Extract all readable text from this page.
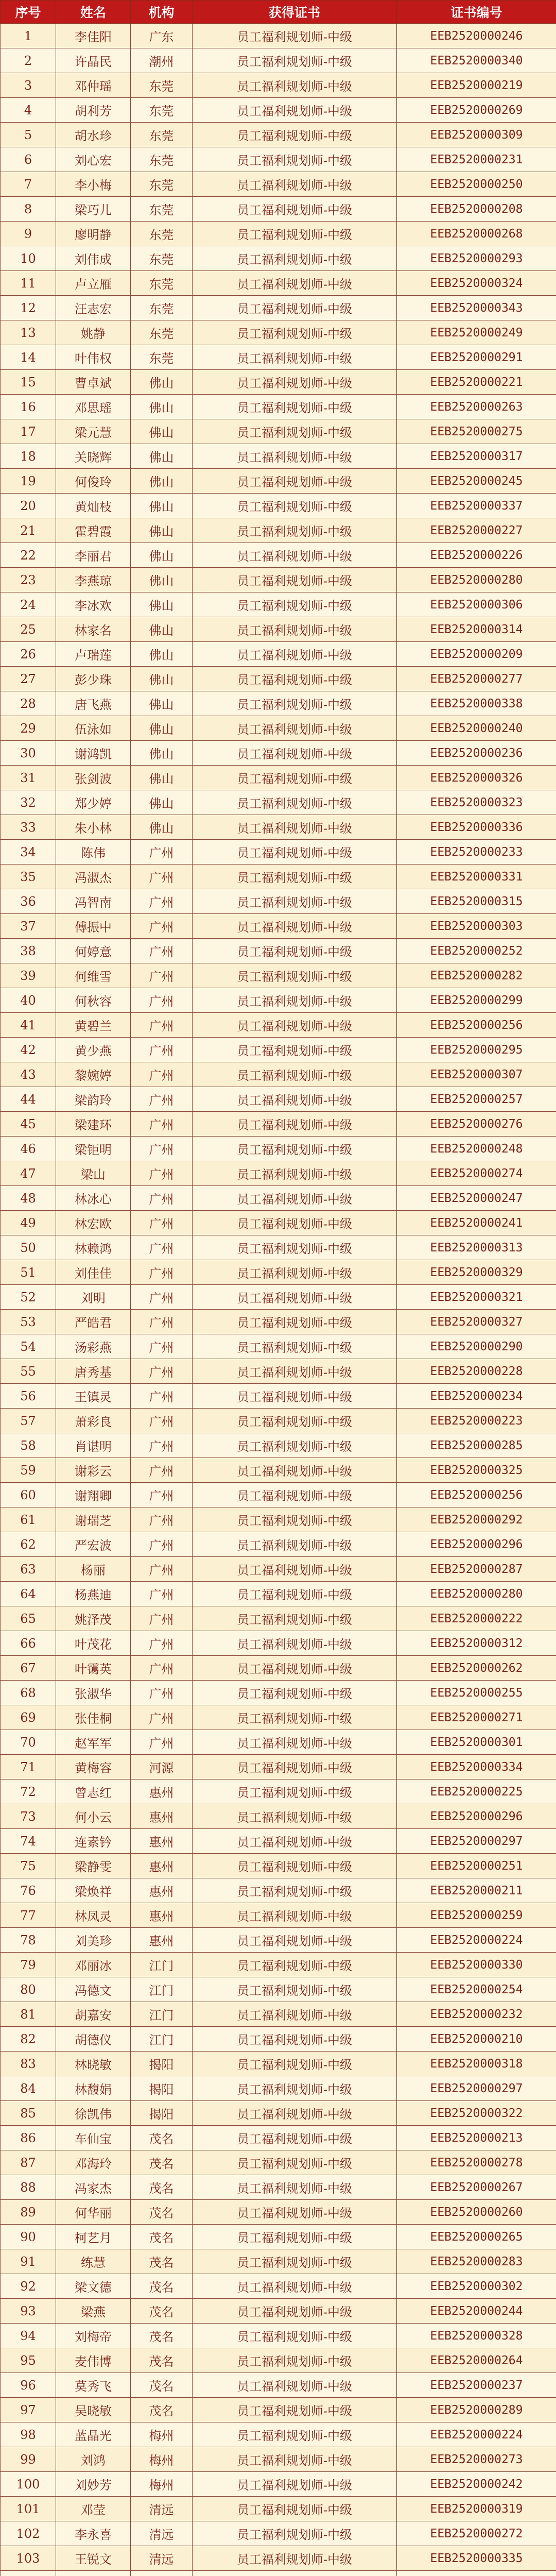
序号	姓名	机构	获得证书	证书编号
1	李佳阳	广东	员工福利规划师-中级	EEB2520000246
2	许晶民	潮州	员工福利规划师-中级	EEB2520000340
3	邓仲瑶	东莞	员工福利规划师-中级	EEB2520000219
4	胡利芳	东莞	员工福利规划师-中级	EEB2520000269
5	胡水珍	东莞	员工福利规划师-中级	EEB2520000309
6	刘心宏	东莞	员工福利规划师-中级	EEB2520000231
7	李小梅	东莞	员工福利规划师-中级	EEB2520000250
8	梁巧儿	东莞	员工福利规划师-中级	EEB2520000208
9	廖明静	东莞	员工福利规划师-中级	EEB2520000268
10	刘伟成	东莞	员工福利规划师-中级	EEB2520000293
11	卢立雁	东莞	员工福利规划师-中级	EEB2520000324
12	汪志宏	东莞	员工福利规划师-中级	EEB2520000343
13	姚静	东莞	员工福利规划师-中级	EEB2520000249
14	叶伟权	东莞	员工福利规划师-中级	EEB2520000291
15	曹卓斌	佛山	员工福利规划师-中级	EEB2520000221
16	邓思瑶	佛山	员工福利规划师-中级	EEB2520000263
17	梁元慧	佛山	员工福利规划师-中级	EEB2520000275
18	关晓辉	佛山	员工福利规划师-中级	EEB2520000317
19	何俊玲	佛山	员工福利规划师-中级	EEB2520000245
20	黄灿枝	佛山	员工福利规划师-中级	EEB2520000337
21	霍碧霞	佛山	员工福利规划师-中级	EEB2520000227
22	李丽君	佛山	员工福利规划师-中级	EEB2520000226
23	李燕琼	佛山	员工福利规划师-中级	EEB2520000280
24	李冰欢	佛山	员工福利规划师-中级	EEB2520000306
25	林家名	佛山	员工福利规划师-中级	EEB2520000314
26	卢瑞莲	佛山	员工福利规划师-中级	EEB2520000209
27	彭少珠	佛山	员工福利规划师-中级	EEB2520000277
28	唐飞燕	佛山	员工福利规划师-中级	EEB2520000338
29	伍泳如	佛山	员工福利规划师-中级	EEB2520000240
30	谢鸿凯	佛山	员工福利规划师-中级	EEB2520000236
31	张剑波	佛山	员工福利规划师-中级	EEB2520000326
32	郑少婷	佛山	员工福利规划师-中级	EEB2520000323
33	朱小林	佛山	员工福利规划师-中级	EEB2520000336
34	陈伟	广州	员工福利规划师-中级	EEB2520000233
35	冯淑杰	广州	员工福利规划师-中级	EEB2520000331
36	冯智南	广州	员工福利规划师-中级	EEB2520000315
37	傅振中	广州	员工福利规划师-中级	EEB2520000303
38	何婷意	广州	员工福利规划师-中级	EEB2520000252
39	何维雪	广州	员工福利规划师-中级	EEB2520000282
40	何秋容	广州	员工福利规划师-中级	EEB2520000299
41	黄碧兰	广州	员工福利规划师-中级	EEB2520000256
42	黄少燕	广州	员工福利规划师-中级	EEB2520000295
43	黎婉婷	广州	员工福利规划师-中级	EEB2520000307
44	梁韵玲	广州	员工福利规划师-中级	EEB2520000257
45	梁建环	广州	员工福利规划师-中级	EEB2520000276
46	梁钜明	广州	员工福利规划师-中级	EEB2520000248
47	梁山	广州	员工福利规划师-中级	EEB2520000274
48	林冰心	广州	员工福利规划师-中级	EEB2520000247
49	林宏欧	广州	员工福利规划师-中级	EEB2520000241
50	林赖鸿	广州	员工福利规划师-中级	EEB2520000313
51	刘佳佳	广州	员工福利规划师-中级	EEB2520000329
52	刘明	广州	员工福利规划师-中级	EEB2520000321
53	严皓君	广州	员工福利规划师-中级	EEB2520000327
54	汤彩燕	广州	员工福利规划师-中级	EEB2520000290
55	唐秀基	广州	员工福利规划师-中级	EEB2520000228
56	王镇灵	广州	员工福利规划师-中级	EEB2520000234
57	萧彩良	广州	员工福利规划师-中级	EEB2520000223
58	肖谌明	广州	员工福利规划师-中级	EEB2520000285
59	谢彩云	广州	员工福利规划师-中级	EEB2520000325
60	谢翔卿	广州	员工福利规划师-中级	EEB2520000256
61	谢瑞芝	广州	员工福利规划师-中级	EEB2520000292
62	严宏波	广州	员工福利规划师-中级	EEB2520000296
63	杨丽	广州	员工福利规划师-中级	EEB2520000287
64	杨燕迪	广州	员工福利规划师-中级	EEB2520000280
65	姚泽茂	广州	员工福利规划师-中级	EEB2520000222
66	叶茂花	广州	员工福利规划师-中级	EEB2520000312
67	叶霭英	广州	员工福利规划师-中级	EEB2520000262
68	张淑华	广州	员工福利规划师-中级	EEB2520000255
69	张佳桐	广州	员工福利规划师-中级	EEB2520000271
70	赵军军	广州	员工福利规划师-中级	EEB2520000301
71	黄梅容	河源	员工福利规划师-中级	EEB2520000334
72	曾志红	惠州	员工福利规划师-中级	EEB2520000225
73	何小云	惠州	员工福利规划师-中级	EEB2520000296
74	连素钤	惠州	员工福利规划师-中级	EEB2520000297
75	梁静雯	惠州	员工福利规划师-中级	EEB2520000251
76	梁焕祥	惠州	员工福利规划师-中级	EEB2520000211
77	林凤灵	惠州	员工福利规划师-中级	EEB2520000259
78	刘美珍	惠州	员工福利规划师-中级	EEB2520000224
79	邓丽冰	江门	员工福利规划师-中级	EEB2520000330
80	冯德文	江门	员工福利规划师-中级	EEB2520000254
81	胡嘉安	江门	员工福利规划师-中级	EEB2520000232
82	胡德仪	江门	员工福利规划师-中级	EEB2520000210
83	林晓敏	揭阳	员工福利规划师-中级	EEB2520000318
84	林馥娟	揭阳	员工福利规划师-中级	EEB2520000297
85	徐凯伟	揭阳	员工福利规划师-中级	EEB2520000322
86	车仙宝	茂名	员工福利规划师-中级	EEB2520000213
87	邓海玲	茂名	员工福利规划师-中级	EEB2520000278
88	冯家杰	茂名	员工福利规划师-中级	EEB2520000267
89	何华丽	茂名	员工福利规划师-中级	EEB2520000260
90	柯艺月	茂名	员工福利规划师-中级	EEB2520000265
91	练慧	茂名	员工福利规划师-中级	EEB2520000283
92	梁文德	茂名	员工福利规划师-中级	EEB2520000302
93	梁燕	茂名	员工福利规划师-中级	EEB2520000244
94	刘梅帝	茂名	员工福利规划师-中级	EEB2520000328
95	麦伟博	茂名	员工福利规划师-中级	EEB2520000264
96	莫秀飞	茂名	员工福利规划师-中级	EEB2520000237
97	吴晓敏	茂名	员工福利规划师-中级	EEB2520000289
98	蓝晶光	梅州	员工福利规划师-中级	EEB2520000224
99	刘鸿	梅州	员工福利规划师-中级	EEB2520000273
100	刘妙芳	梅州	员工福利规划师-中级	EEB2520000242
101	邓莹	清远	员工福利规划师-中级	EEB2520000319
102	李永喜	清远	员工福利规划师-中级	EEB2520000272
103	王锐文	清远	员工福利规划师-中级	EEB2520000335
